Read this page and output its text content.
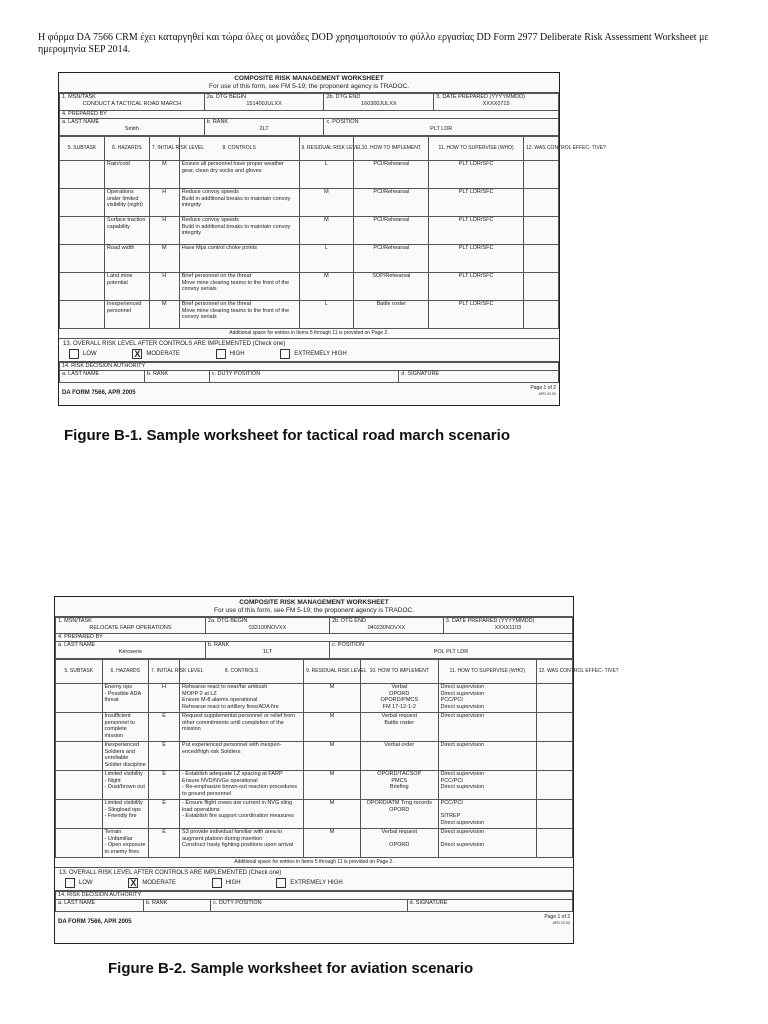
Η φόρμα DA 7566 CRM έχει καταργηθεί και τώρα όλες οι μονάδες DOD χρησιμοποιούν το φύλλο εργασίας DD Form 2977 Deliberate Risk Assessment Worksheet με ημερομηνία SEP 2014.
COMPOSITE RISK MANAGEMENT WORKSHEET
For use of this form, see FM 5-19; the proponent agency is TRADOC.
1. MSN/TASK
CONDUCT A TACTICAL ROAD MARCH	2a. DTG BEGIN
151400JULXX	2b. DTG END
160300JULXX	3. DATE PREPARED (YYYYMMDD)
XXXX0715

4. PREPARED BY			
a. LAST NAME
Smith	b. RANK
2LT	c. POSITION
PLT LDR	
5. SUBTASK	6. HAZARDS	7. INITIAL RISK LEVEL	8. CONTROLS	9. RESIDUAL RISK LEVEL	10. HOW TO IMPLEMENT	11. HOW TO SUPERVISE (WHO)	12. WAS CONTROL EFFEC- TIVE?
	Rain/cold	M	Ensure all personnel have proper weather gear, clean dry socks and gloves	L	PCI/Rehearsal	PLT LDR/SFC	
	Operations under limited visibility (night)	H	Reduce convoy speeds
Build in additional breaks to maintain convoy integrity	M	PCI/Rehearsal	PLT LDR/SFC	
	Surface traction capability	H	Reduce convoy speeds
Build in additional breaks to maintain convoy integrity	M	PCI/Rehearsal	PLT LDR/SFC	
	Road width	M	Have Mps control choke points	L	PCI/Rehearsal	PLT LDR/SFC	
	Land mine potential	H	Brief personnel on the threat
Move mine clearing teams to the front of the convoy serials	M	SOP/Rehearsal	PLT LDR/SFC	
	Inexperienced personnel	M	Brief personnel on the threat
Move mine clearing teams to the front of the convoy serials	L	Battle roster	PLT LDR/SFC	
Additional space for entries in Items 5 through 11 is provided on Page 2.
13. OVERALL RISK LEVEL AFTER CONTROLS ARE IMPLEMENTED (Check one)
LOW	X MODERATE	HIGH	EXTREMELY HIGH
14. RISK DECISION AUTHORITY
a. LAST NAME	b. RANK	c. DUTY POSITION	d. SIGNATURE
DA FORM 7566, APR 2005
Page 1 of 2
APD V2.00
Figure B-1. Sample worksheet for tactical road march scenario
COMPOSITE RISK MANAGEMENT WORKSHEET
For use of this form, see FM 5-19; the proponent agency is TRADOC.
1. MSN/TASK
RELOCATE FARP OPERATIONS	2a. DTG BEGIN
032100NOVXX	2b. DTG END
040230NOVXX	3. DATE PREPARED (YYYYMMDD)
XXXX1103

4. PREPARED BY			
a. LAST NAME
Kerosene	b. RANK
1LT	c. POSITION
POL PLT LDR	
5. SUBTASK	6. HAZARDS	7. INITIAL RISK LEVEL	8. CONTROLS	9. RESIDUAL RISK LEVEL	10. HOW TO IMPLEMENT	11. HOW TO SUPERVISE (WHO)	12. WAS CONTROL EFFEC- TIVE?
	Enemy ops
- Possible ADA threat	H	Rehearse react to near/far ambush
MOPP 2 at LZ
Ensure M-8 alarms operational
Rehearse react to artillery fires/ADA fire	M	Verbal
OPORD
OPORD/PMCS
FM 17-12-1-2	Direct supervision
Direct supervision
PCC/PCI
Direct supervision	
	Insufficient personnel to complete mission	E	Request supplemental personnel or relief from other commitments until completion of the mission	M	Verbal request
Battle roster	Direct supervision	
	Inexperienced Soldiers and unreliable Soldier discipline	E	Put experienced personnel with inexperi-enced/high risk Soldiers	M	Verbal order	Direct supervision	
	Limited visibility
- Night
- Dust/brown out	E	- Establish adequate LZ spacing at FARP
Ensure NVD/NVGs operational
- Re-emphasize brown-out reaction procedures to ground personnel	M	OPORD/TACSOP
PMCS
Briefing	Direct supervision
PCC/PCI
Direct supervision	
	Limited visibility
- Slingload ops
- Friendly fire	E	- Ensure flight crews are current in NVG sling load operations
- Establish fire support coordination measures	M	OPORD/ATM Trng records
OPORD	PCC/PCI

SITREP
Direct supervision	
	Terrain
- Unfamiliar
- Open exposure to enemy fires	E	S3 provide individual familiar with area to augment platoon during insertion
Construct hasty fighting positions upon arrival	M	Verbal request

OPORD	Direct supervision

Direct supervision	
Additional space for entries in Items 5 through 11 is provided on Page 2.
13. OVERALL RISK LEVEL AFTER CONTROLS ARE IMPLEMENTED (Check one)
LOW	X MODERATE	HIGH	EXTREMELY HIGH
14. RISK DECISION AUTHORITY
a. LAST NAME	b. RANK	c. DUTY POSITION	d. SIGNATURE
DA FORM 7566, APR 2005
Page 1 of 2
APD V2.00
Figure B-2. Sample worksheet for aviation scenario
